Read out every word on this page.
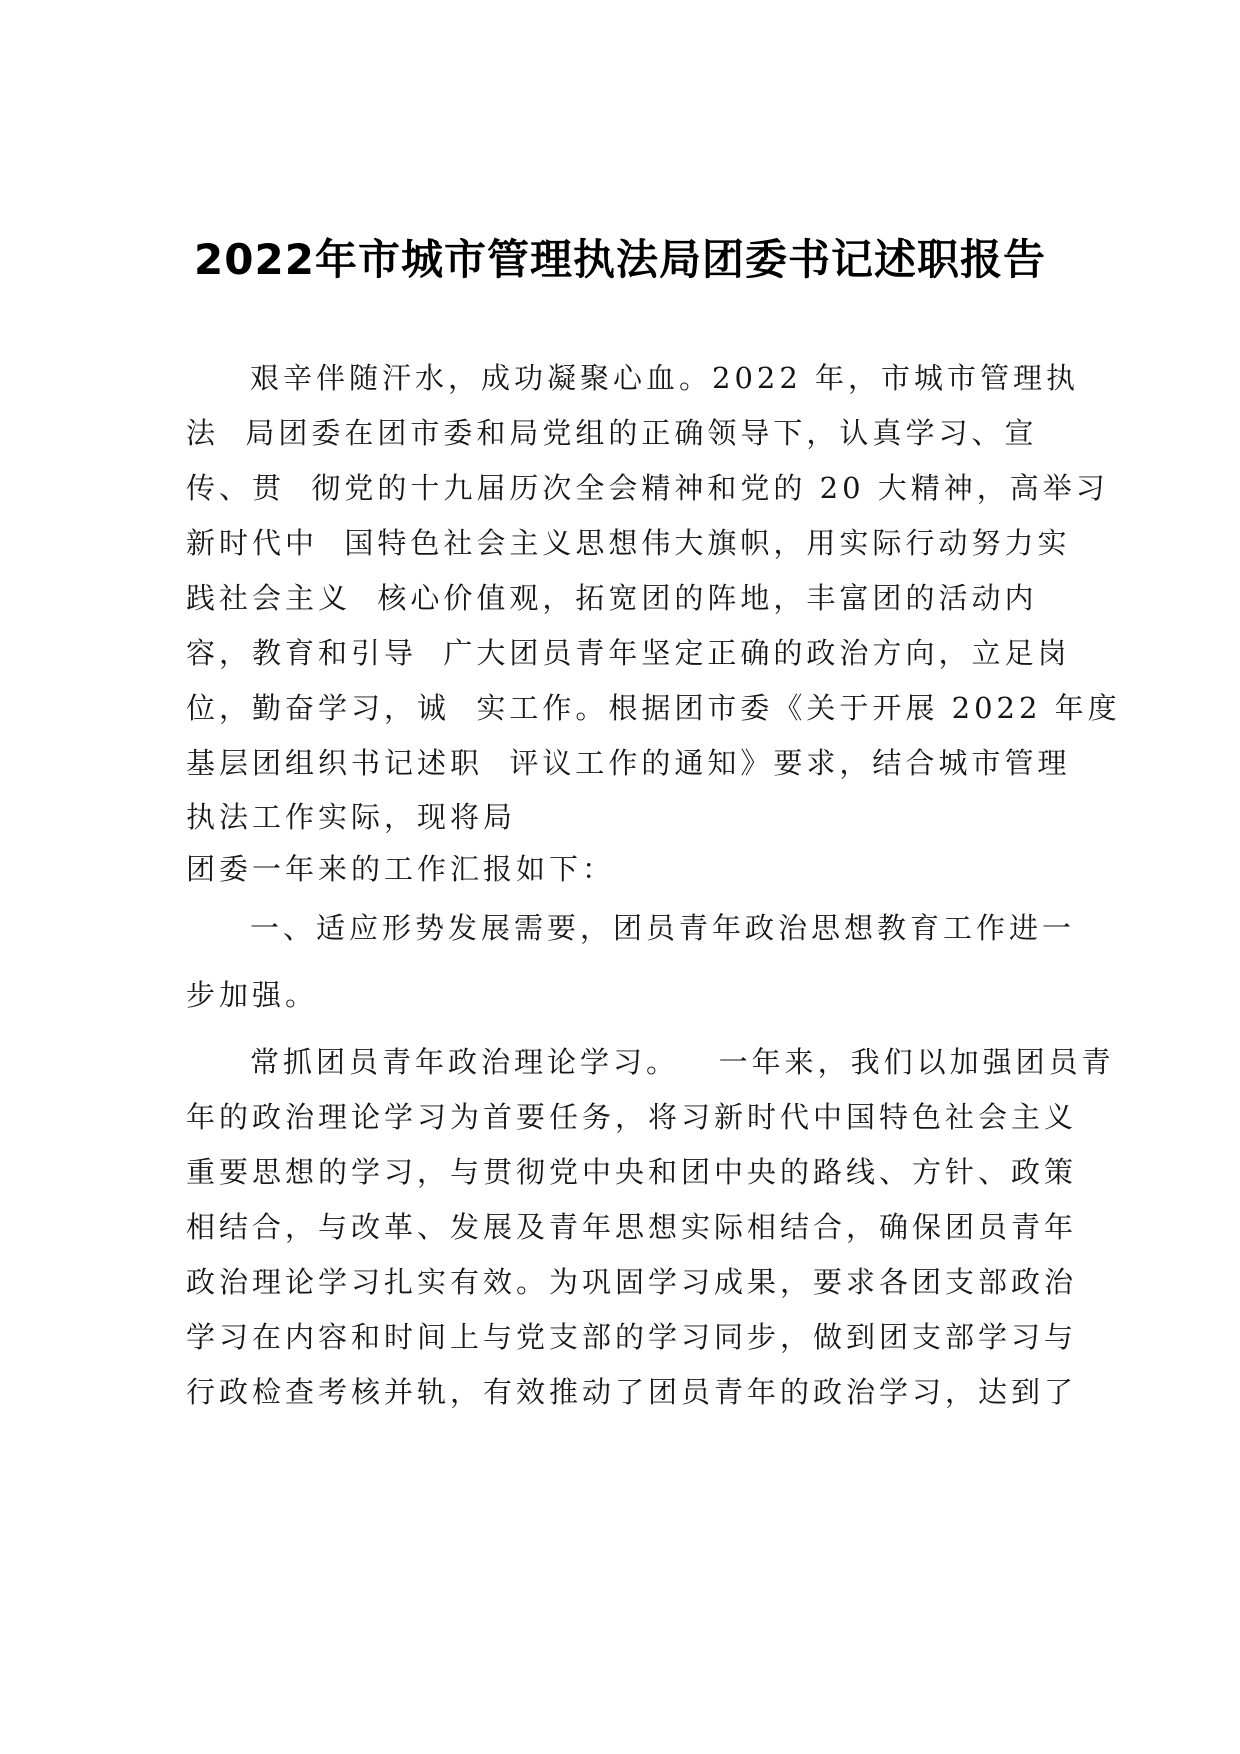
2022年市城市管理执法局团委书记述职报告
艰辛伴随汗水，成功凝聚心血。2022 年，市城市管理执
法  局团委在团市委和局党组的正确领导下，认真学习、宣
传、贯  彻党的十九届历次全会精神和党的 20 大精神，高举习
新时代中  国特色社会主义思想伟大旗帜，用实际行动努力实
践社会主义  核心价值观，拓宽团的阵地，丰富团的活动内
容，教育和引导  广大团员青年坚定正确的政治方向，立足岗
位，勤奋学习，诚  实工作。根据团市委《关于开展 2022 年度
基层团组织书记述职  评议工作的通知》要求，结合城市管理
执法工作实际，现将局
团委一年来的工作汇报如下：
一、适应形势发展需要，团员青年政治思想教育工作进一
步加强。
常抓团员青年政治理论学习。   一年来，我们以加强团员青
年的政治理论学习为首要任务，将习新时代中国特色社会主义
重要思想的学习，与贯彻党中央和团中央的路线、方针、政策
相结合，与改革、发展及青年思想实际相结合，确保团员青年
政治理论学习扎实有效。为巩固学习成果，要求各团支部政治
学习在内容和时间上与党支部的学习同步，做到团支部学习与
行政检查考核并轨，有效推动了团员青年的政治学习，达到了
